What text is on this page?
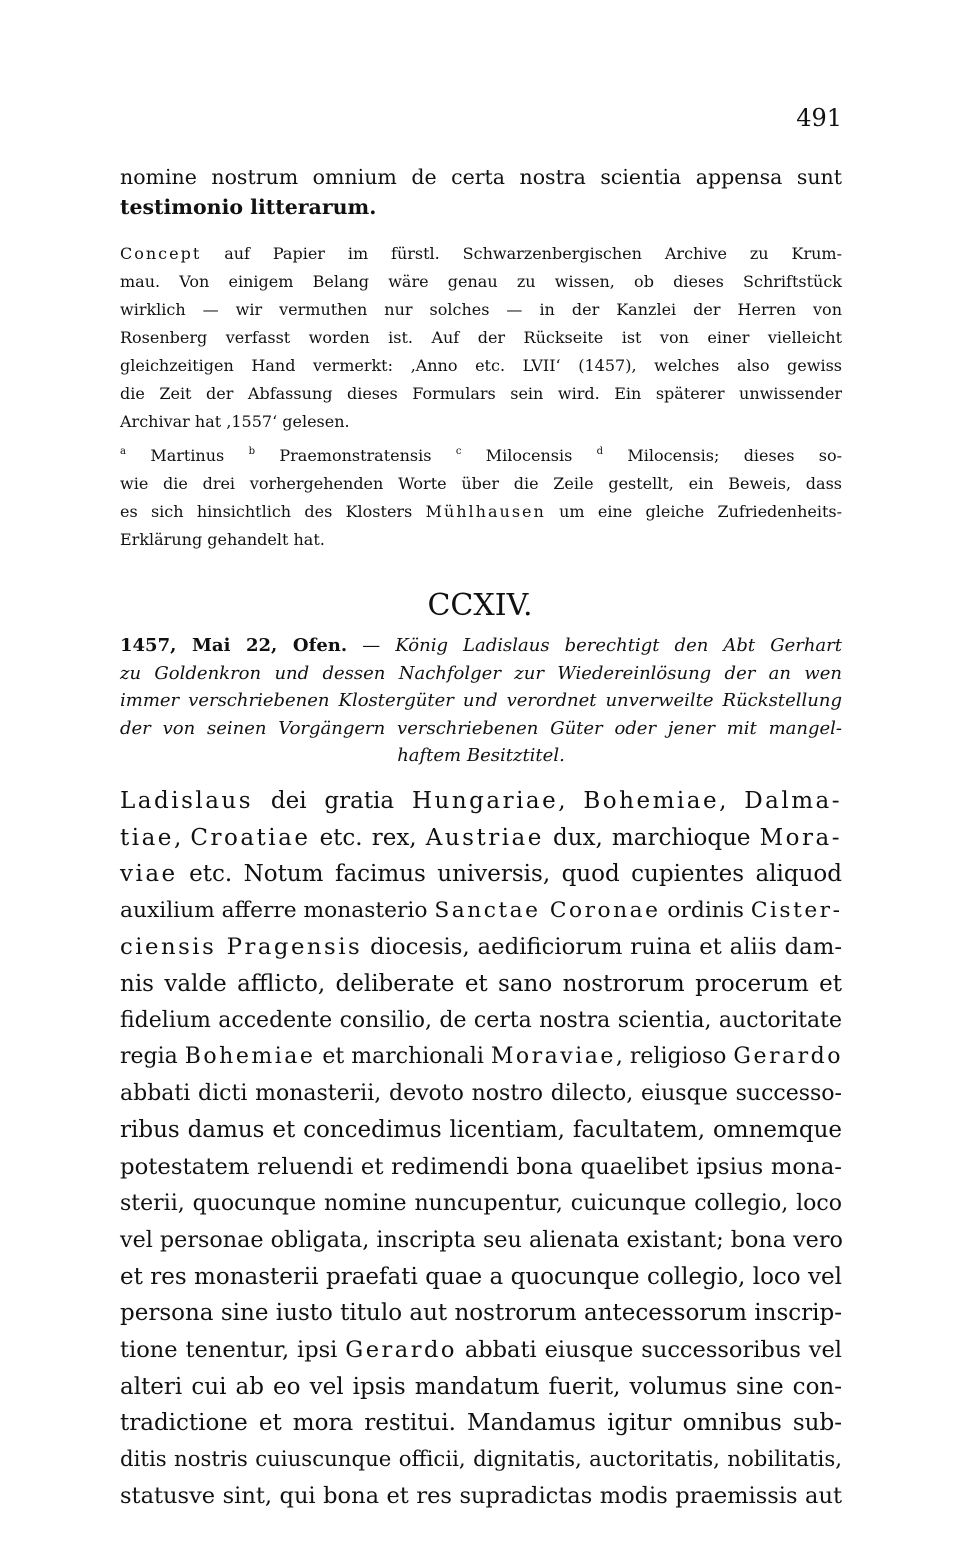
491
nomine nostrum omnium de certa nostra scientia appensa sunt
testimonio litterarum.
Concept auf Papier im fürstl. Schwarzenbergischen Archive zu Krum-
mau. Von einigem Belang wäre genau zu wissen, ob dieses Schriftstück
wirklich — wir vermuthen nur solches — in der Kanzlei der Herren von
Rosenberg verfasst worden ist. Auf der Rückseite ist von einer vielleicht
gleichzeitigen Hand vermerkt: ‚Anno etc. LVII‘ (1457), welches also gewiss
die Zeit der Abfassung dieses Formulars sein wird. Ein späterer unwissender
Archivar hat ‚1557‘ gelesen.
$^a$ Martinus $^b$ Praemonstratensis $^c$ Milocensis $^d$ Milocensis; dieses so-
wie die drei vorhergehenden Worte über die Zeile gestellt, ein Beweis, dass
es sich hinsichtlich des Klosters Mühlhausen um eine gleiche Zufriedenheits-
Erklärung gehandelt hat.
CCXIV.
1457, Mai 22, Ofen. — König Ladislaus berechtigt den Abt Gerhart
zu Goldenkron und dessen Nachfolger zur Wiedereinlösung der an wen
immer verschriebenen Klostergüter und verordnet unverweilte Rückstellung
der von seinen Vorgängern verschriebenen Güter oder jener mit mangel-
haftem Besitztitel.
Ladislaus dei gratia Hungariae, Bohemiae, Dalma-
tiae, Croatiae etc. rex, Austriae dux, marchioque Mora-
viae etc. Notum facimus universis, quod cupientes aliquod
auxilium afferre monasterio Sanctae Coronae ordinis Cister-
ciensis Pragensis diocesis, aedificiorum ruina et aliis dam-
nis valde afflicto, deliberate et sano nostrorum procerum et
fidelium accedente consilio, de certa nostra scientia, auctoritate
regia Bohemiae et marchionali Moraviae, religioso Gerardo
abbati dicti monasterii, devoto nostro dilecto, eiusque successo-
ribus damus et concedimus licentiam, facultatem, omnemque
potestatem reluendi et redimendi bona quaelibet ipsius mona-
sterii, quocunque nomine nuncupentur, cuicunque collegio, loco
vel personae obligata, inscripta seu alienata existant; bona vero
et res monasterii praefati quae a quocunque collegio, loco vel
persona sine iusto titulo aut nostrorum antecessorum inscrip-
tione tenentur, ipsi Gerardo abbati eiusque successoribus vel
alteri cui ab eo vel ipsis mandatum fuerit, volumus sine con-
tradictione et mora restitui. Mandamus igitur omnibus sub-
ditis nostris cuiuscunque officii, dignitatis, auctoritatis, nobilitatis,
statusve sint, qui bona et res supradictas modis praemissis aut
